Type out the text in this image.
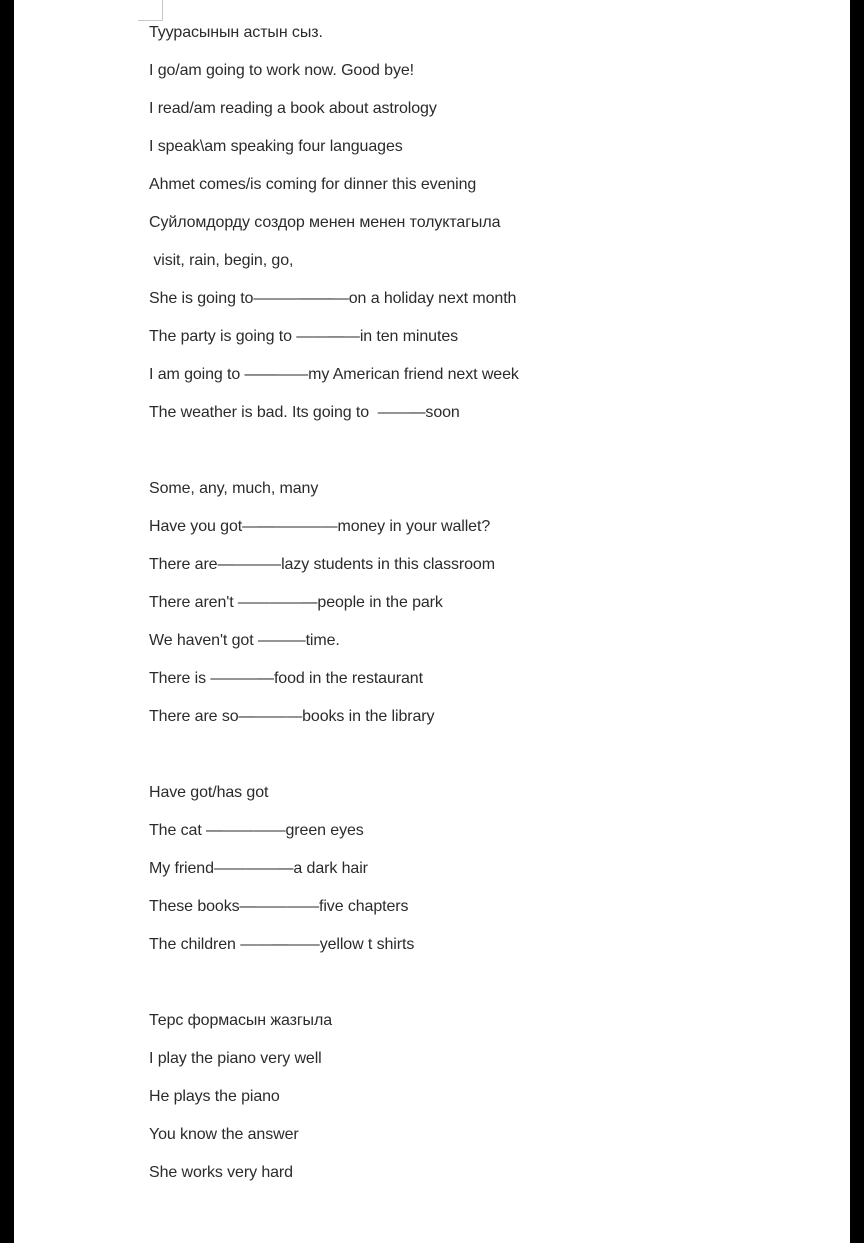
Туурасынын астын сыз.
I go/am going to work now. Good bye!
I read/am reading a book about astrology
I speak\am speaking four languages
Ahmet comes/is coming for dinner this evening
Суйломдорду создор менен менен толуктагыла
visit, rain, begin, go,
She is going to——————on a holiday next month
The party is going to ————in ten minutes
I am going to ————my American friend next week
The weather is bad. Its going to  ———soon
Some, any, much, many
Have you got——————money in your wallet?
There are————lazy students in this classroom
There aren't —————people in the park
We haven't got ———time.
There is ————food in the restaurant
There are so————books in the library
Have got/has got
The cat —————green eyes
My friend—————a dark hair
These books—————five chapters
The children —————yellow t shirts
Терс формасын жазгыла
I play the piano very well
He plays the piano
You know the answer
She works very hard
